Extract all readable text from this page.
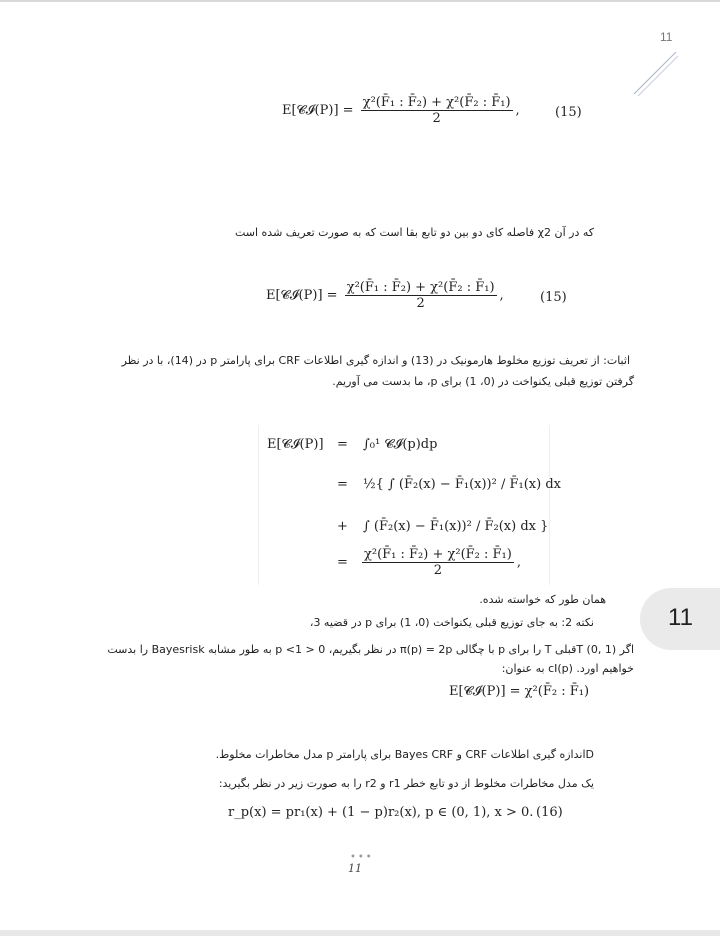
11
E[𝓒𝓘(P)] = $\frac{\text{χ²(F̄₁ : F̄₂) + χ²(F̄₂ : F̄₁)}}{2}$ ,	(15)
که در آن χ2 فاصله کای دو بین دو تابع بقا است که به صورت تعریف شده است
E[𝓒𝓘(P)] = $\frac{\text{χ²(F̄₁ : F̄₂) + χ²(F̄₂ : F̄₁)}}{2}$ ,	(15)
اثبات: از تعریف توزیع مخلوط هارمونیک در (13) و اندازه گیری اطلاعات CRF برای پارامتر p در (14)، با در نظر
گرفتن توزیع قبلی یکنواخت در (0، 1) برای p، ما بدست می آوریم.
E[𝓒𝓘(P)] = ∫₀¹ 𝓒𝓘(p)dp
= ½{ ∫ (F̄₂(x) − F̄₁(x))² / F̄₁(x) dx
+ ∫ (F̄₂(x) − F̄₁(x))² / F̄₂(x) dx }
= $\frac{\text{χ²(F̄₁ : F̄₂) + χ²(F̄₂ : F̄₁)}}{2}$ ,
همان طور که خواسته شده.
نکته 2: به جای توزیع قبلی یکنواخت (0، 1) برای p در قضیه 3،
اگر T (0, 1)قبلی T را برای p با چگالی π(p) = 2p در نظر بگیریم، 0 < p <1 به طور مشابه Bayesrisk را بدست
خواهیم اورد. cI(p) به عنوان:
E[𝓒𝓘(P)] = χ²(F̄₂ : F̄₁)
Dاندازه گیری اطلاعات CRF و Bayes CRF برای پارامتر p مدل مخاطرات مخلوط.
یک مدل مخاطرات مخلوط از دو تابع خطر r1 و r2 را به صورت زیر در نظر بگیرید:
r_p(x) = pr₁(x) + (1 − p)r₂(x), p ∈ (0, 1), x > 0. (16)
11
•••
11
